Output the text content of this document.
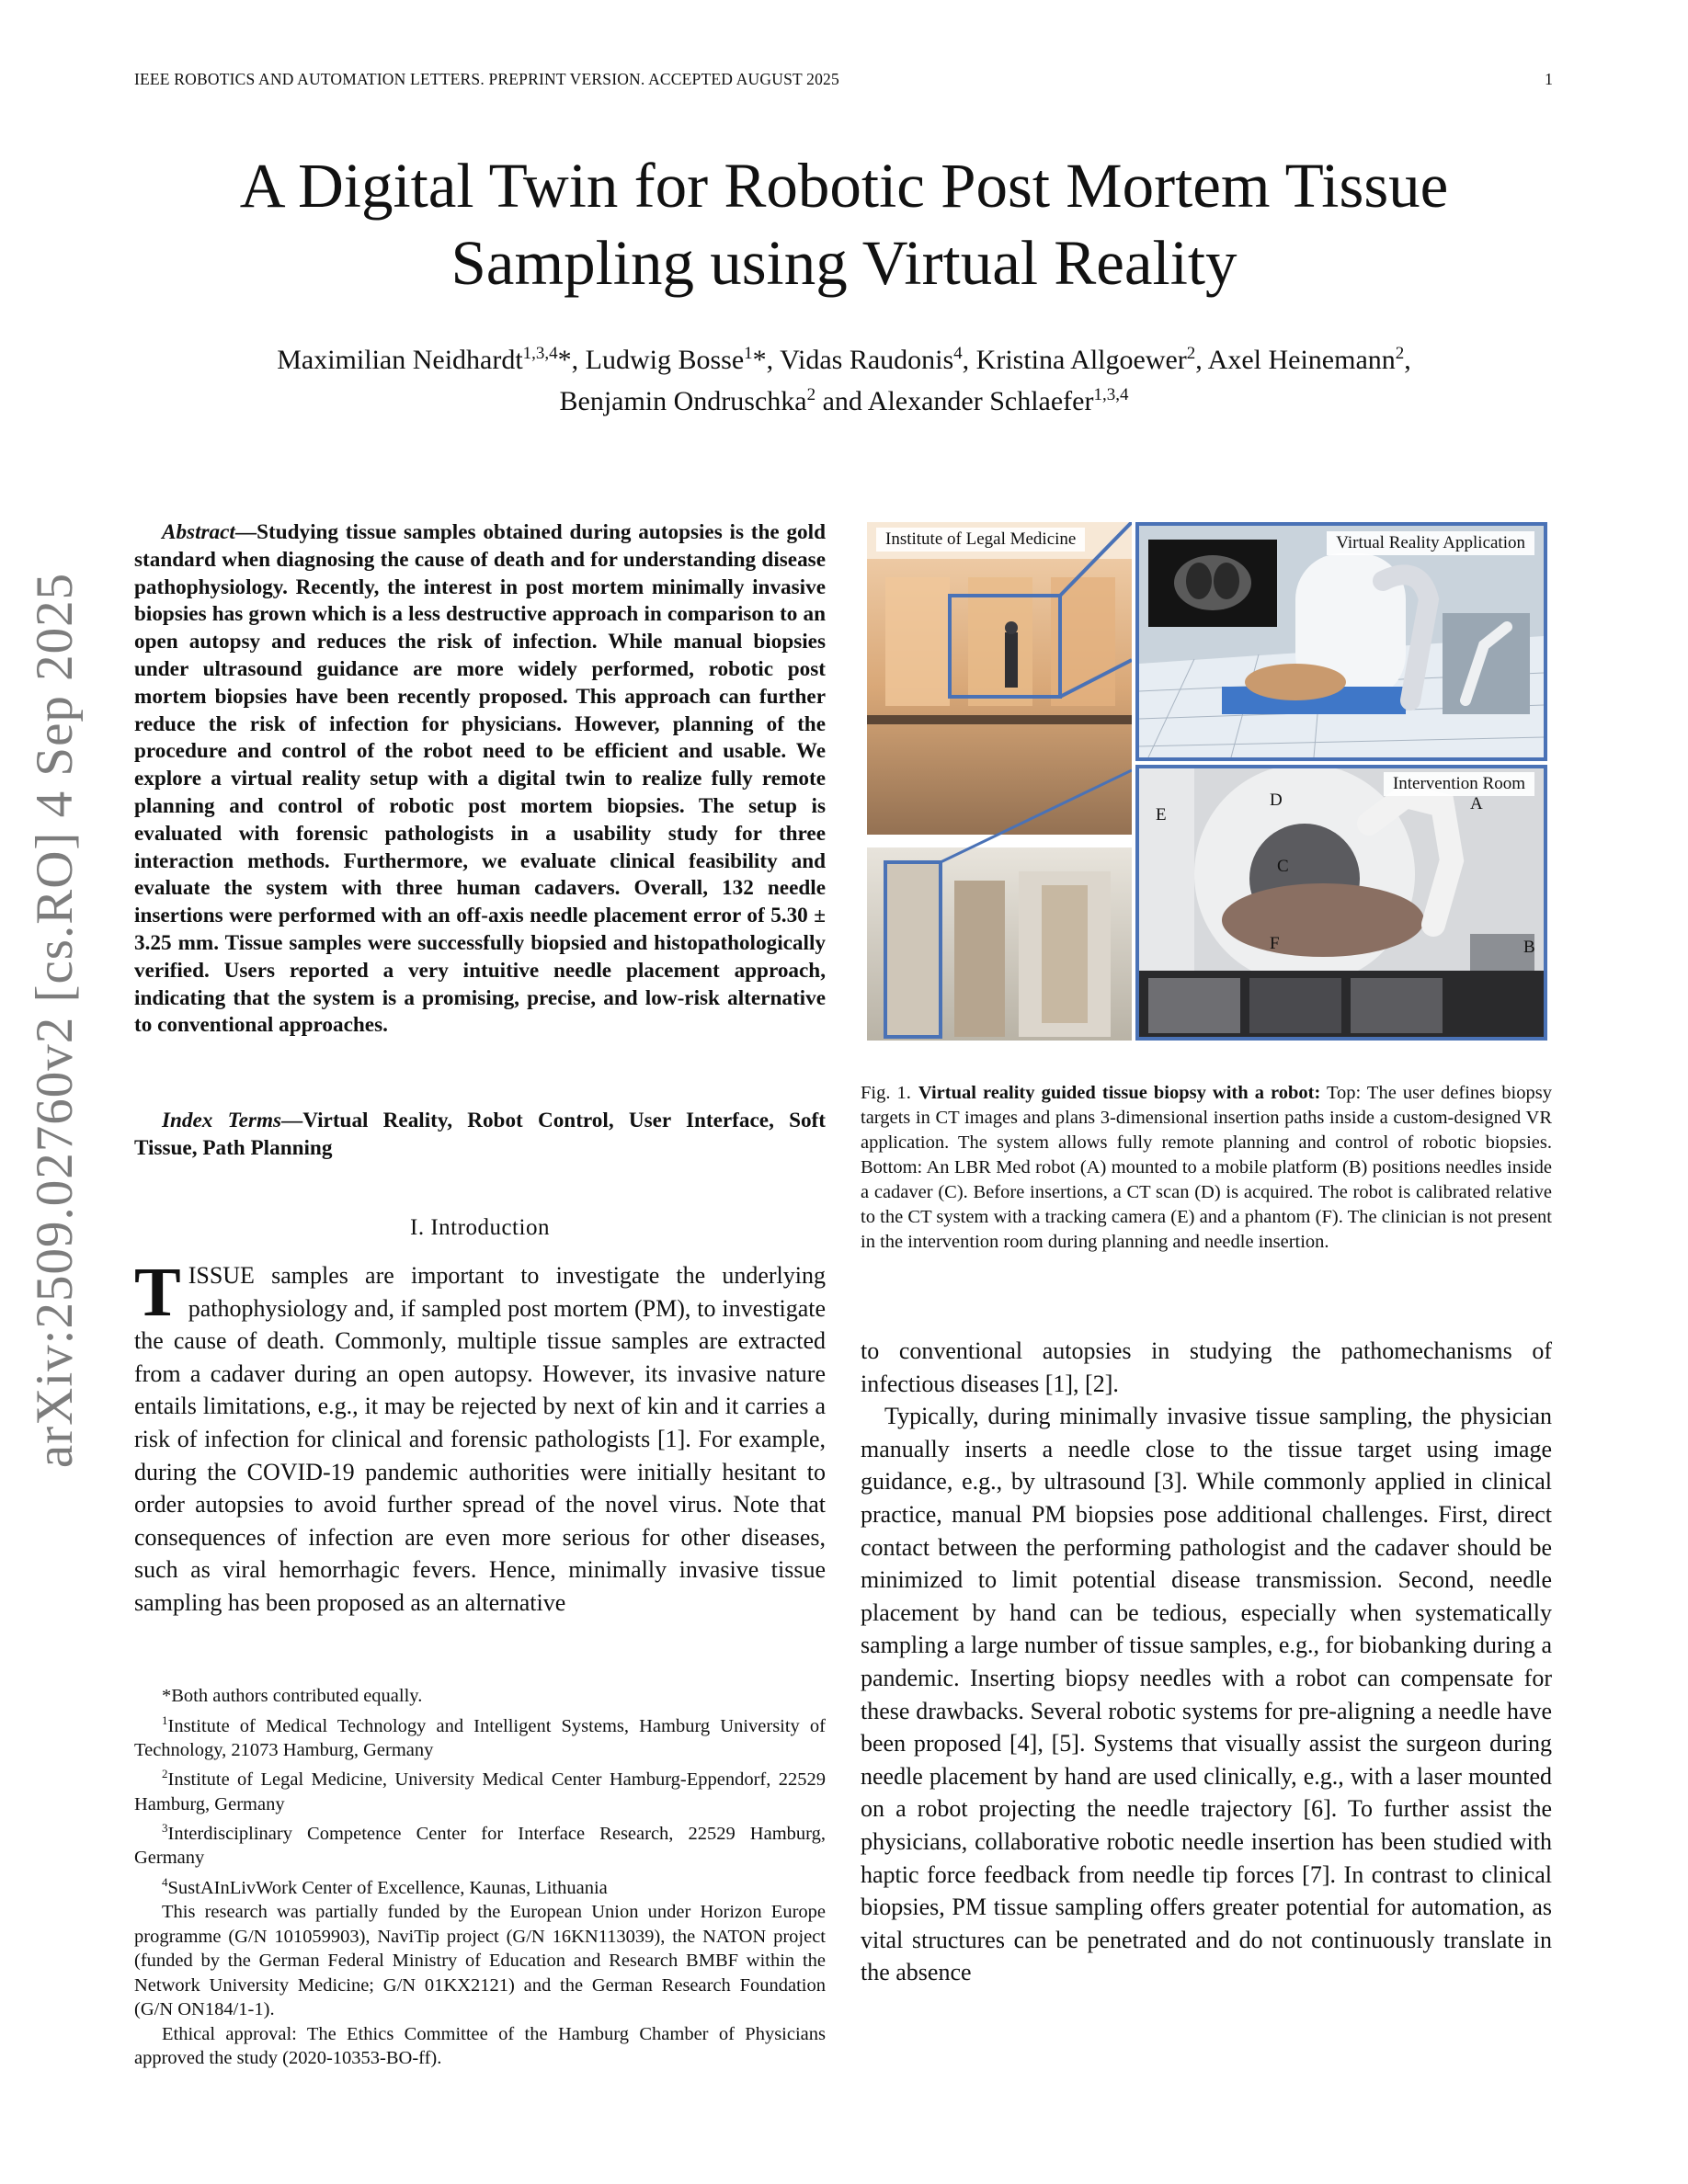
IEEE ROBOTICS AND AUTOMATION LETTERS. PREPRINT VERSION. ACCEPTED AUGUST 2025	1
A Digital Twin for Robotic Post Mortem Tissue
Sampling using Virtual Reality
Maximilian Neidhardt$^{1,3,4}$*, Ludwig Bosse$^1$*, Vidas Raudonis$^4$, Kristina Allgoewer$^2$, Axel Heinemann$^2$,
Benjamin Ondruschka$^2$ and Alexander Schlaefer$^{1,3,4}$
arXiv:2509.02760v2 [cs.RO] 4 Sep 2025

Abstract—Studying tissue samples obtained during autopsies is the gold standard when diagnosing the cause of death and for understanding disease pathophysiology. Recently, the interest in post mortem minimally invasive biopsies has grown which is a less destructive approach in comparison to an open autopsy and reduces the risk of infection. While manual biopsies under ultrasound guidance are more widely performed, robotic post mortem biopsies have been recently proposed. This approach can further reduce the risk of infection for physicians. However, planning of the procedure and control of the robot need to be efficient and usable. We explore a virtual reality setup with a digital twin to realize fully remote planning and control of robotic post mortem biopsies. The setup is evaluated with forensic pathologists in a usability study for three interaction methods. Furthermore, we evaluate clinical feasibility and evaluate the system with three human cadavers. Overall, 132 needle insertions were performed with an off-axis needle placement error of 5.30 ± 3.25 mm. Tissue samples were successfully biopsied and histopathologically verified. Users reported a very intuitive needle placement approach, indicating that the system is a promising, precise, and low-risk alternative to conventional approaches.

Index Terms—Virtual Reality, Robot Control, User Interface, Soft Tissue, Path Planning

I. Introduction

TISSUE samples are important to investigate the underlying pathophysiology and, if sampled post mortem (PM), to investigate the cause of death. Commonly, multiple tissue samples are extracted from a cadaver during an open autopsy. However, its invasive nature entails limitations, e.g., it may be rejected by next of kin and it carries a risk of infection for clinical and forensic pathologists [1]. For example, during the COVID-19 pandemic authorities were initially hesitant to order autopsies to avoid further spread of the novel virus. Note that consequences of infection are even more serious for other diseases, such as viral hemorrhagic fevers. Hence, minimally invasive tissue sampling has been proposed as an alternative

*Both authors contributed equally.

$^1$Institute of Medical Technology and Intelligent Systems, Hamburg University of Technology, 21073 Hamburg, Germany

$^2$Institute of Legal Medicine, University Medical Center Hamburg-Eppendorf, 22529 Hamburg, Germany

$^3$Interdisciplinary Competence Center for Interface Research, 22529 Hamburg, Germany

$^4$SustAInLivWork Center of Excellence, Kaunas, Lithuania

This research was partially funded by the European Union under Horizon Europe programme (G/N 101059903), NaviTip project (G/N 16KN113039), the NATON project (funded by the German Federal Ministry of Education and Research BMBF within the Network University Medicine; G/N 01KX2121) and the German Research Foundation (G/N ON184/1-1).

Ethical approval: The Ethics Committee of the Hamburg Chamber of Physicians approved the study (2020-10353-BO-ff).

Institute of Legal Medicine	Virtual Reality Application
Intervention Room
A
B
C
D
E
F
Fig. 1. Virtual reality guided tissue biopsy with a robot: Top: The user defines biopsy targets in CT images and plans 3-dimensional insertion paths inside a custom-designed VR application. The system allows fully remote planning and control of robotic biopsies. Bottom: An LBR Med robot (A) mounted to a mobile platform (B) positions needles inside a cadaver (C). Before insertions, a CT scan (D) is acquired. The robot is calibrated relative to the CT system with a tracking camera (E) and a phantom (F). The clinician is not present in the intervention room during planning and needle insertion.

to conventional autopsies in studying the pathomechanisms of infectious diseases [1], [2].

Typically, during minimally invasive tissue sampling, the physician manually inserts a needle close to the tissue target using image guidance, e.g., by ultrasound [3]. While commonly applied in clinical practice, manual PM biopsies pose additional challenges. First, direct contact between the performing pathologist and the cadaver should be minimized to limit potential disease transmission. Second, needle placement by hand can be tedious, especially when systematically sampling a large number of tissue samples, e.g., for biobanking during a pandemic. Inserting biopsy needles with a robot can compensate for these drawbacks. Several robotic systems for pre-aligning a needle have been proposed [4], [5]. Systems that visually assist the surgeon during needle placement by hand are used clinically, e.g., with a laser mounted on a robot projecting the needle trajectory [6]. To further assist the physicians, collaborative robotic needle insertion has been studied with haptic force feedback from needle tip forces [7]. In contrast to clinical biopsies, PM tissue sampling offers greater potential for automation, as vital structures can be penetrated and do not continuously translate in the absence
